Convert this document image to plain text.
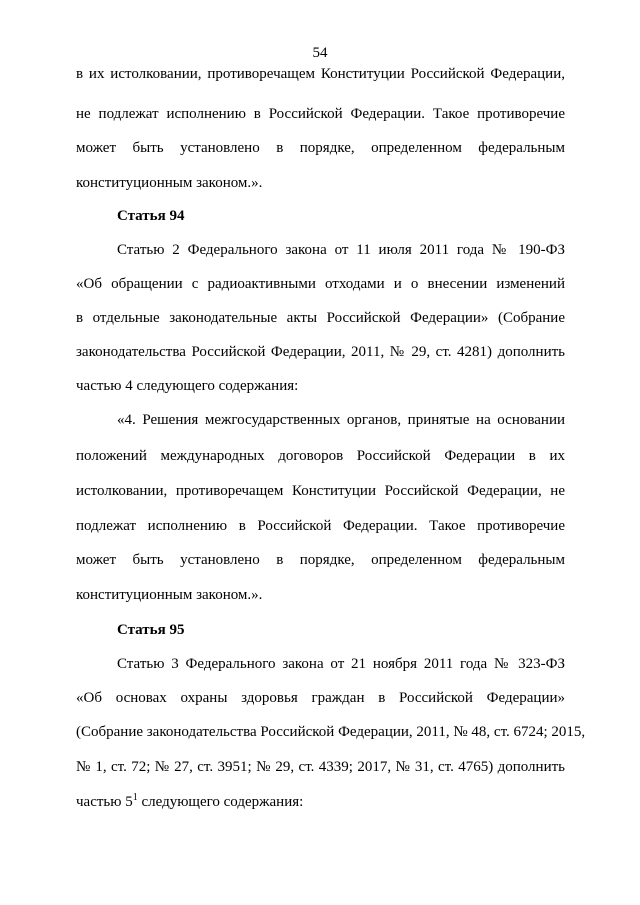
54
в их истолковании, противоречащем Конституции Российской Федерации,
не подлежат исполнению в Российской Федерации. Такое противоречие
может быть установлено в порядке, определенном федеральным
конституционным законом.».
Статья 94
Статью 2 Федерального закона от 11 июля 2011 года № 190-ФЗ
«Об обращении с радиоактивными отходами и о внесении изменений
в отдельные законодательные акты Российской Федерации» (Собрание
законодательства Российской Федерации, 2011, № 29, ст. 4281) дополнить
частью 4 следующего содержания:
«4. Решения межгосударственных органов, принятые на основании
положений международных договоров Российской Федерации в их
истолковании, противоречащем Конституции Российской Федерации, не
подлежат исполнению в Российской Федерации. Такое противоречие
может быть установлено в порядке, определенном федеральным
конституционным законом.».
Статья 95
Статью 3 Федерального закона от 21 ноября 2011 года № 323-ФЗ
«Об основах охраны здоровья граждан в Российской Федерации»
(Собрание законодательства Российской Федерации, 2011, № 48, ст. 6724; 2015,
№ 1, ст. 72; № 27, ст. 3951; № 29, ст. 4339; 2017, № 31, ст. 4765) дополнить
частью $5^1$ следующего содержания:
